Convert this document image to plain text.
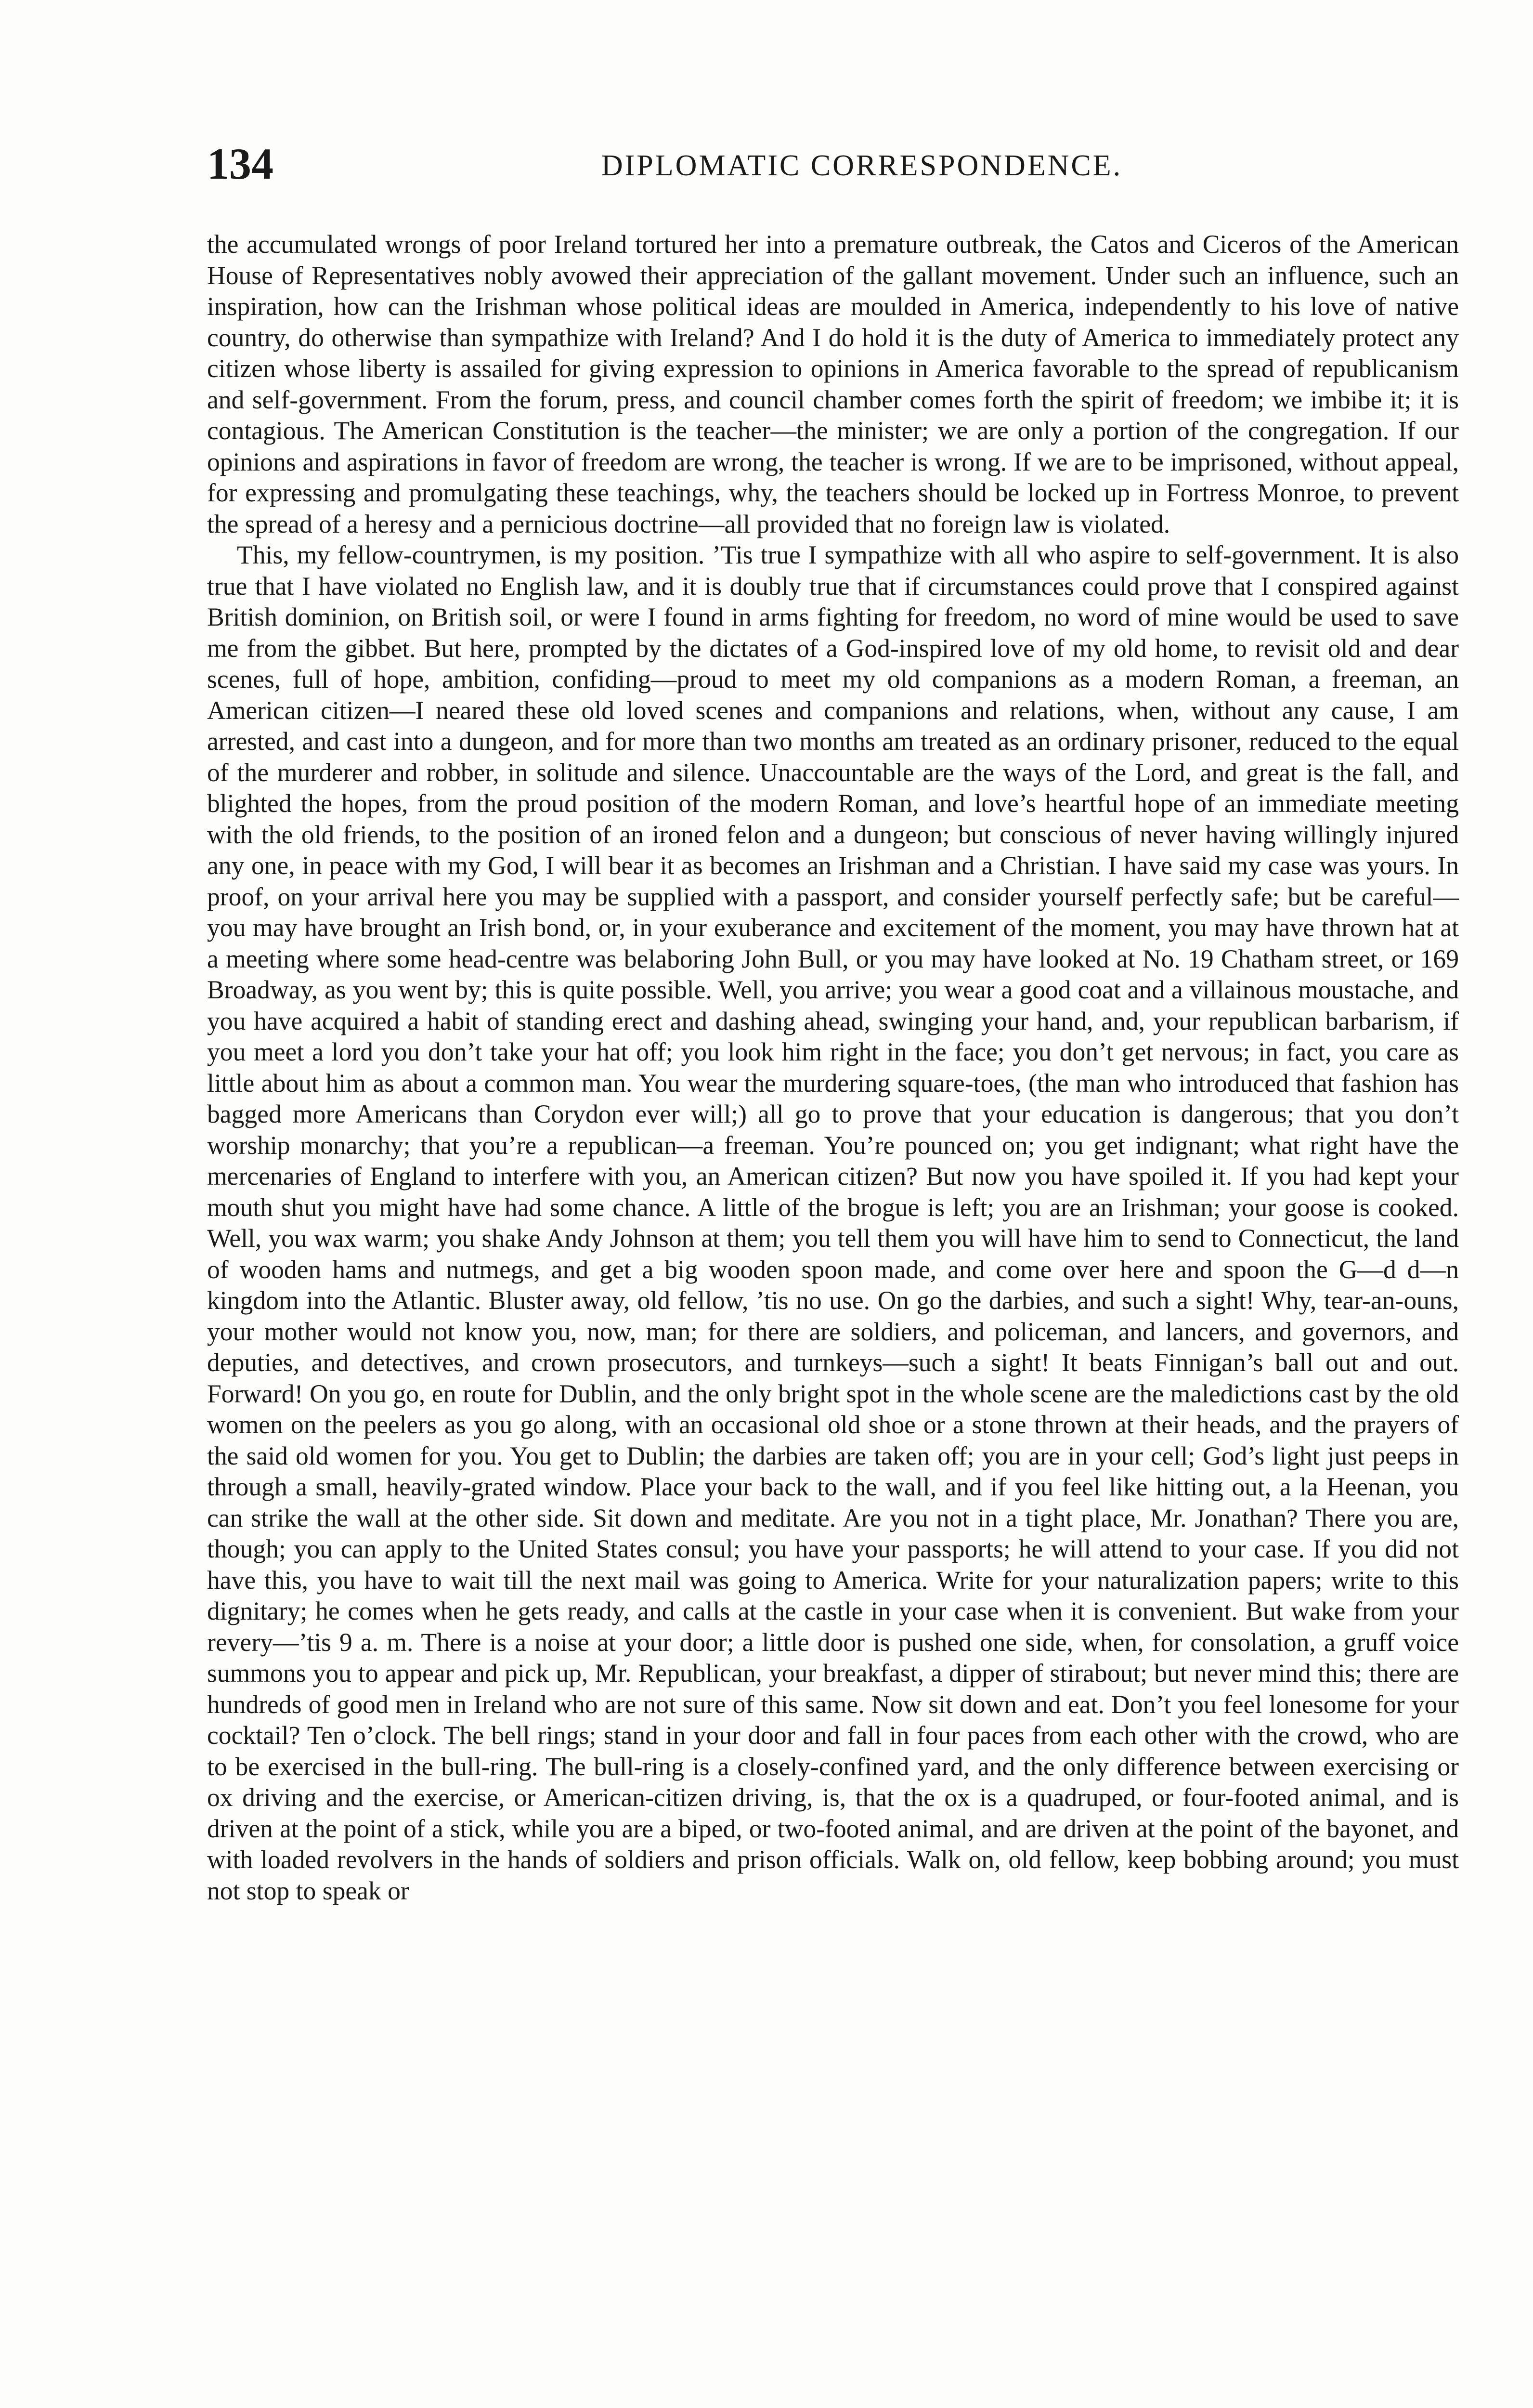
134	DIPLOMATIC CORRESPONDENCE.

the accumulated wrongs of poor Ireland tortured her into a premature outbreak, the Catos and Ciceros of the American House of Representatives nobly avowed their appreciation of the gallant movement. Under such an influence, such an inspiration, how can the Irishman whose political ideas are moulded in America, independently to his love of native country, do otherwise than sympathize with Ireland? And I do hold it is the duty of America to immediately protect any citizen whose liberty is assailed for giving expression to opinions in America favorable to the spread of republicanism and self-government. From the forum, press, and council chamber comes forth the spirit of freedom; we imbibe it; it is contagious. The American Constitution is the teacher—the minister; we are only a portion of the congregation. If our opinions and aspirations in favor of freedom are wrong, the teacher is wrong. If we are to be imprisoned, without appeal, for expressing and promulgating these teachings, why, the teachers should be locked up in Fortress Monroe, to prevent the spread of a heresy and a pernicious doctrine—all provided that no foreign law is violated.

This, my fellow-countrymen, is my position. ’Tis true I sympathize with all who aspire to self-government. It is also true that I have violated no English law, and it is doubly true that if circumstances could prove that I conspired against British dominion, on British soil, or were I found in arms fighting for freedom, no word of mine would be used to save me from the gibbet. But here, prompted by the dictates of a God-inspired love of my old home, to revisit old and dear scenes, full of hope, ambition, confiding—proud to meet my old companions as a modern Roman, a freeman, an American citizen—I neared these old loved scenes and companions and relations, when, without any cause, I am arrested, and cast into a dungeon, and for more than two months am treated as an ordinary prisoner, reduced to the equal of the murderer and robber, in solitude and silence. Unaccountable are the ways of the Lord, and great is the fall, and blighted the hopes, from the proud position of the modern Roman, and love’s heartful hope of an immediate meeting with the old friends, to the position of an ironed felon and a dungeon; but conscious of never having willingly injured any one, in peace with my God, I will bear it as becomes an Irishman and a Christian. I have said my case was yours. In proof, on your arrival here you may be supplied with a passport, and consider yourself perfectly safe; but be careful—you may have brought an Irish bond, or, in your exuberance and excitement of the moment, you may have thrown hat at a meeting where some head-centre was belaboring John Bull, or you may have looked at No. 19 Chatham street, or 169 Broadway, as you went by; this is quite possible. Well, you arrive; you wear a good coat and a villainous moustache, and you have acquired a habit of standing erect and dashing ahead, swinging your hand, and, your republican barbarism, if you meet a lord you don’t take your hat off; you look him right in the face; you don’t get nervous; in fact, you care as little about him as about a common man. You wear the murdering square-toes, (the man who introduced that fashion has bagged more Americans than Corydon ever will;) all go to prove that your education is dangerous; that you don’t worship monarchy; that you’re a republican—a freeman. You’re pounced on; you get indignant; what right have the mercenaries of England to interfere with you, an American citizen? But now you have spoiled it. If you had kept your mouth shut you might have had some chance. A little of the brogue is left; you are an Irishman; your goose is cooked. Well, you wax warm; you shake Andy Johnson at them; you tell them you will have him to send to Connecticut, the land of wooden hams and nutmegs, and get a big wooden spoon made, and come over here and spoon the G—d d—n kingdom into the Atlantic. Bluster away, old fellow, ’tis no use. On go the darbies, and such a sight! Why, tear-an-ouns, your mother would not know you, now, man; for there are soldiers, and policeman, and lancers, and governors, and deputies, and detectives, and crown prosecutors, and turnkeys—such a sight! It beats Finnigan’s ball out and out. Forward! On you go, en route for Dublin, and the only bright spot in the whole scene are the maledictions cast by the old women on the peelers as you go along, with an occasional old shoe or a stone thrown at their heads, and the prayers of the said old women for you. You get to Dublin; the darbies are taken off; you are in your cell; God’s light just peeps in through a small, heavily-grated window. Place your back to the wall, and if you feel like hitting out, a la Heenan, you can strike the wall at the other side. Sit down and meditate. Are you not in a tight place, Mr. Jonathan? There you are, though; you can apply to the United States consul; you have your passports; he will attend to your case. If you did not have this, you have to wait till the next mail was going to America. Write for your naturalization papers; write to this dignitary; he comes when he gets ready, and calls at the castle in your case when it is convenient. But wake from your revery—’tis 9 a. m. There is a noise at your door; a little door is pushed one side, when, for consolation, a gruff voice summons you to appear and pick up, Mr. Republican, your breakfast, a dipper of stirabout; but never mind this; there are hundreds of good men in Ireland who are not sure of this same. Now sit down and eat. Don’t you feel lonesome for your cocktail? Ten o’clock. The bell rings; stand in your door and fall in four paces from each other with the crowd, who are to be exercised in the bull-ring. The bull-ring is a closely-confined yard, and the only difference between exercising or ox driving and the exercise, or American-citizen driving, is, that the ox is a quadruped, or four-footed animal, and is driven at the point of a stick, while you are a biped, or two-footed animal, and are driven at the point of the bayonet, and with loaded revolvers in the hands of soldiers and prison officials. Walk on, old fellow, keep bobbing around; you must not stop to speak or
